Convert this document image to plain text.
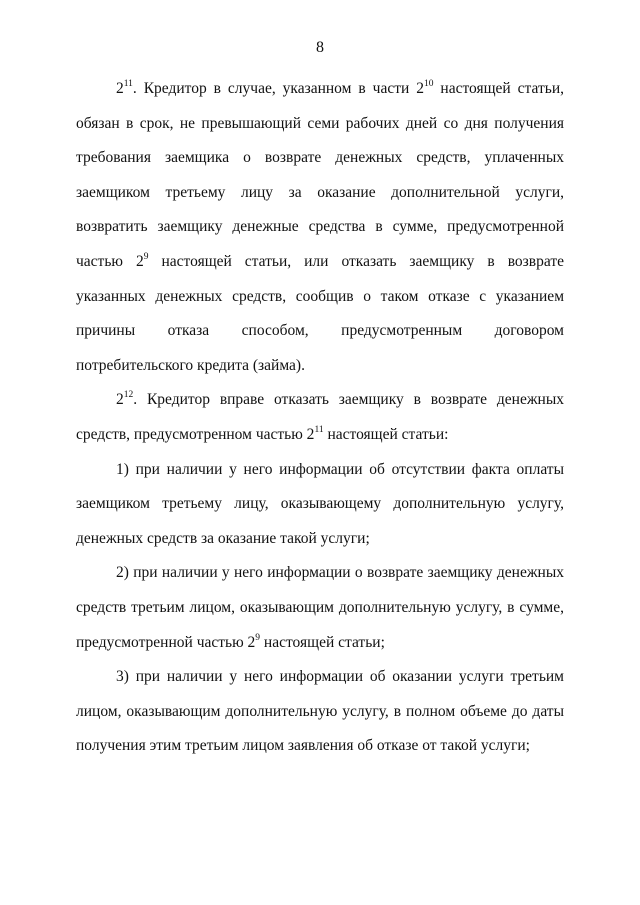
8

$2^{11}$. Кредитор в случае, указанном в части $2^{10}$ настоящей статьи, обязан в срок, не превышающий семи рабочих дней со дня получения требования заемщика о возврате денежных средств, уплаченных заемщиком третьему лицу за оказание дополнительной услуги, возвратить заемщику денежные средства в сумме, предусмотренной частью $2^9$ настоящей статьи, или отказать заемщику в возврате указанных денежных средств, сообщив о таком отказе с указанием причины отказа способом, предусмотренным договором потребительского кредита (займа).

$2^{12}$. Кредитор вправе отказать заемщику в возврате денежных средств, предусмотренном частью $2^{11}$ настоящей статьи:

1) при наличии у него информации об отсутствии факта оплаты заемщиком третьему лицу, оказывающему дополнительную услугу, денежных средств за оказание такой услуги;

2) при наличии у него информации о возврате заемщику денежных средств третьим лицом, оказывающим дополнительную услугу, в сумме, предусмотренной частью $2^9$ настоящей статьи;

3) при наличии у него информации об оказании услуги третьим лицом, оказывающим дополнительную услугу, в полном объеме до даты получения этим третьим лицом заявления об отказе от такой услуги;
